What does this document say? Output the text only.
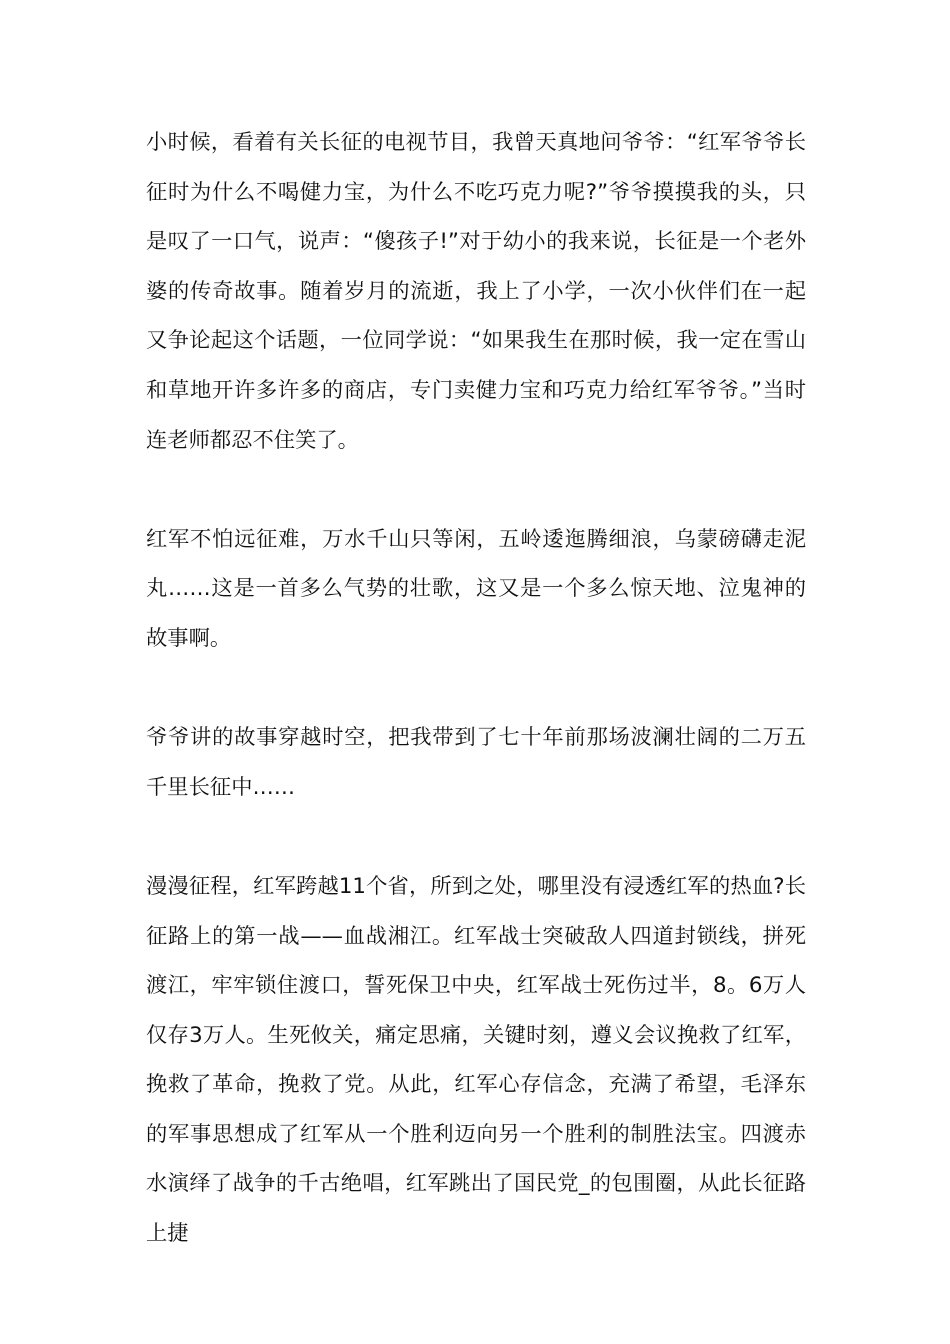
小时候，看着有关长征的电视节目，我曾天真地问爷爷：“红军爷爷长征时为什么不喝健力宝，为什么不吃巧克力呢?”爷爷摸摸我的头，只是叹了一口气，说声：“傻孩子!”对于幼小的我来说，长征是一个老外婆的传奇故事。随着岁月的流逝，我上了小学，一次小伙伴们在一起又争论起这个话题，一位同学说：“如果我生在那时候，我一定在雪山和草地开许多许多的商店，专门卖健力宝和巧克力给红军爷爷。”当时连老师都忍不住笑了。

红军不怕远征难，万水千山只等闲，五岭逶迤腾细浪，乌蒙磅礴走泥丸……这是一首多么气势的壮歌，这又是一个多么惊天地、泣鬼神的故事啊。

爷爷讲的故事穿越时空，把我带到了七十年前那场波澜壮阔的二万五千里长征中……

漫漫征程，红军跨越11个省，所到之处，哪里没有浸透红军的热血?长征路上的第一战——血战湘江。红军战士突破敌人四道封锁线，拼死渡江，牢牢锁住渡口，誓死保卫中央，红军战士死伤过半，8。6万人仅存3万人。生死攸关，痛定思痛，关键时刻，遵义会议挽救了红军，挽救了革命，挽救了党。从此，红军心存信念，充满了希望，毛泽东的军事思想成了红军从一个胜利迈向另一个胜利的制胜法宝。四渡赤水演绎了战争的千古绝唱，红军跳出了国民党_的包围圈，从此长征路上捷
